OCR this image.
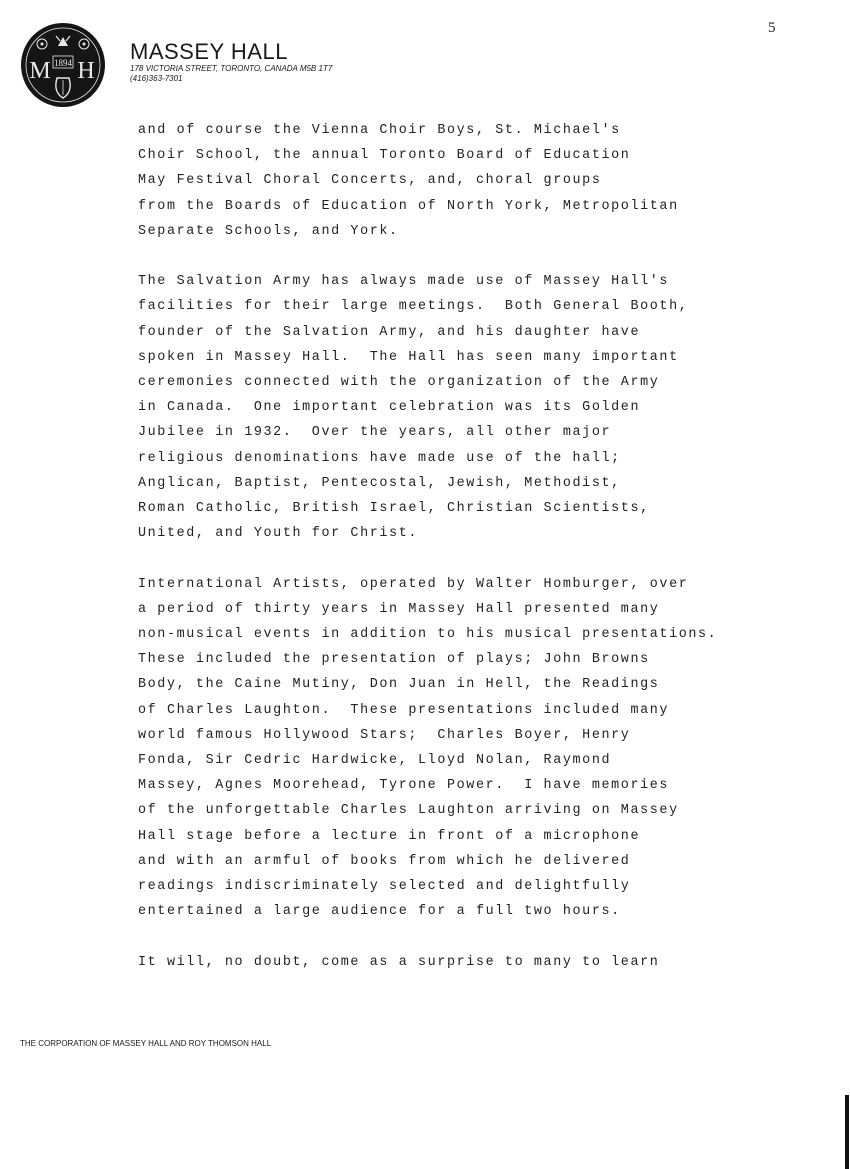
1894
M H
MASSEY HALL
178 VICTORIA STREET, TORONTO, CANADA M5B 1T7
(416)363-7301
5
and of course the Vienna Choir Boys, St. Michael's
Choir School, the annual Toronto Board of Education
May Festival Choral Concerts, and, choral groups
from the Boards of Education of North York, Metropolitan
Separate Schools, and York.
The Salvation Army has always made use of Massey Hall's
facilities for their large meetings.  Both General Booth,
founder of the Salvation Army, and his daughter have
spoken in Massey Hall.  The Hall has seen many important
ceremonies connected with the organization of the Army
in Canada.  One important celebration was its Golden
Jubilee in 1932.  Over the years, all other major
religious denominations have made use of the hall;
Anglican, Baptist, Pentecostal, Jewish, Methodist,
Roman Catholic, British Israel, Christian Scientists,
United, and Youth for Christ.
International Artists, operated by Walter Homburger, over
a period of thirty years in Massey Hall presented many
non-musical events in addition to his musical presentations.
These included the presentation of plays; John Browns
Body, the Caine Mutiny, Don Juan in Hell, the Readings
of Charles Laughton.  These presentations included many
world famous Hollywood Stars;  Charles Boyer, Henry
Fonda, Sir Cedric Hardwicke, Lloyd Nolan, Raymond
Massey, Agnes Moorehead, Tyrone Power.  I have memories
of the unforgettable Charles Laughton arriving on Massey
Hall stage before a lecture in front of a microphone
and with an armful of books from which he delivered
readings indiscriminately selected and delightfully
entertained a large audience for a full two hours.
It will, no doubt, come as a surprise to many to learn
THE CORPORATION OF MASSEY HALL AND ROY THOMSON HALL
